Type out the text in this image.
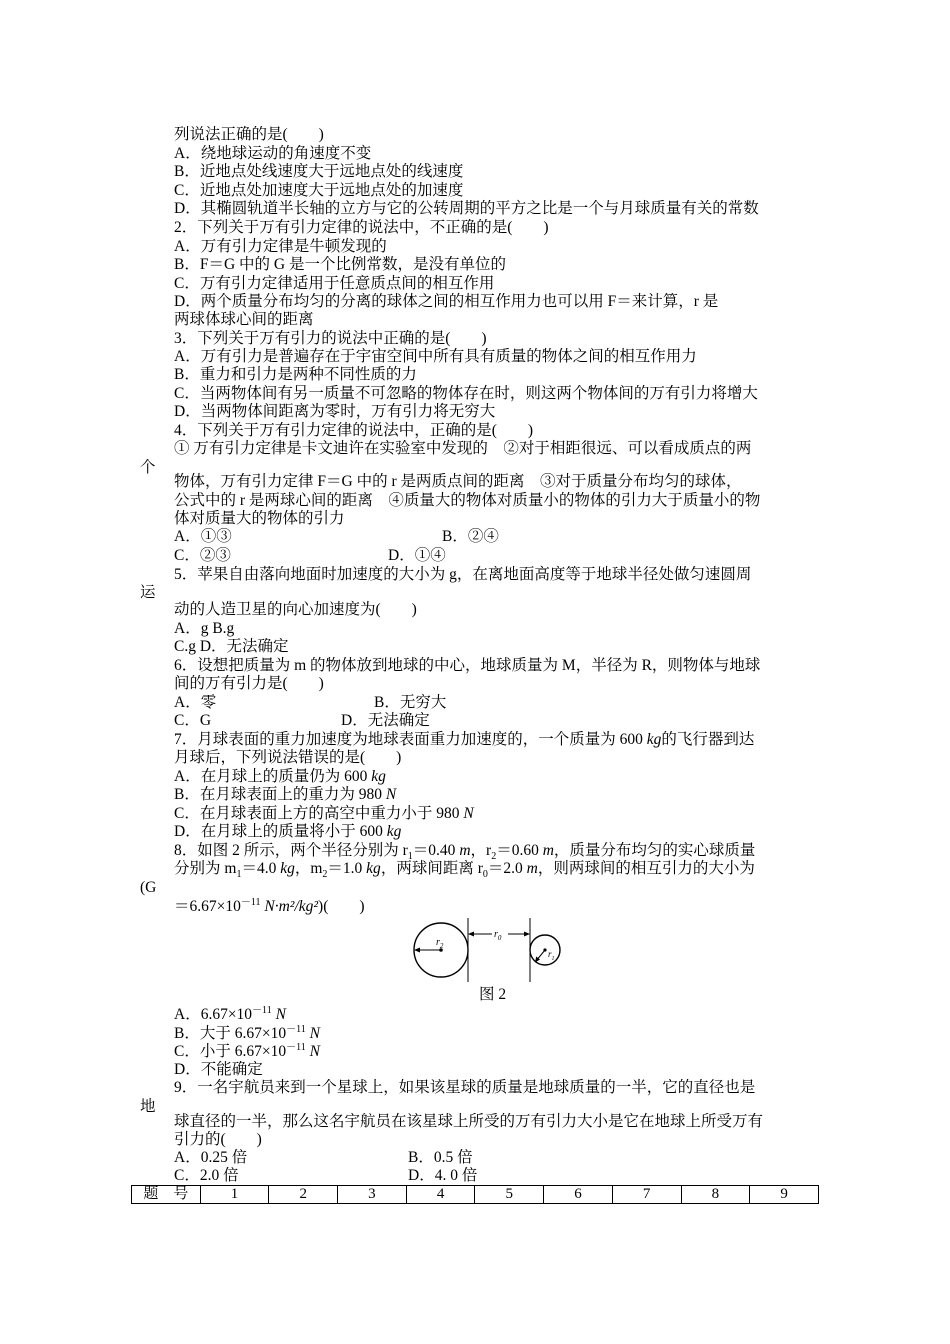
列说法正确的是(　　)
A．绕地球运动的角速度不变
B．近地点处线速度大于远地点处的线速度
C．近地点处加速度大于远地点处的加速度
D．其椭圆轨道半长轴的立方与它的公转周期的平方之比是一个与月球质量有关的常数
2．下列关于万有引力定律的说法中，不正确的是(　　)
A．万有引力定律是牛顿发现的
B．F＝G 中的 G 是一个比例常数，是没有单位的
C．万有引力定律适用于任意质点间的相互作用
D．两个质量分布均匀的分离的球体之间的相互作用力也可以用 F＝来计算，r 是
两球体球心间的距离
3．下列关于万有引力的说法中正确的是(　　)
A．万有引力是普遍存在于宇宙空间中所有具有质量的物体之间的相互作用力
B．重力和引力是两种不同性质的力
C．当两物体间有另一质量不可忽略的物体存在时，则这两个物体间的万有引力将增大
D．当两物体间距离为零时，万有引力将无穷大
4．下列关于万有引力定律的说法中，正确的是(　　)
① 万有引力定律是卡文迪许在实验室中发现的　②对于相距很远、可以看成质点的两
个
物体，万有引力定律 F＝G 中的 r 是两质点间的距离　③对于质量分布均匀的球体，
公式中的 r 是两球心间的距离　④质量大的物体对质量小的物体的引力大于质量小的物
体对质量大的物体的引力
A．①③	B．②④
C．②③	D．①④
5．苹果自由落向地面时加速度的大小为 g，在离地面高度等于地球半径处做匀速圆周
运
动的人造卫星的向心加速度为(　　)
A．g B.g
C.g D．无法确定
6．设想把质量为 m 的物体放到地球的中心，地球质量为 M，半径为 R，则物体与地球
间的万有引力是(　　)
A．零	B．无穷大
C．G	D．无法确定
7．月球表面的重力加速度为地球表面重力加速度的，一个质量为 600 kg的飞行器到达
月球后，下列说法错误的是(　　)
A．在月球上的质量仍为 600 kg
B．在月球表面上的重力为 980 N
C．在月球表面上方的高空中重力小于 980 N
D．在月球上的质量将小于 600 kg
8．如图 2 所示，两个半径分别为 $r_1=0.40$ m，$r_2=0.60$ m，质量分布均匀的实心球质量
分别为 $m_1=4.0$ kg，$m_2=1.0$ kg，两球间距离 $r_0=2.0$ m，则两球间的相互引力的大小为
(G
$=6.67\times 10^{-11}$ N·m²/kg²)(　　)
$r_2$
$r_0$
$r_1$
图 2
A．$6.67\times 10^{-11}$ N
B．大于 $6.67\times 10^{-11}$ N
C．小于 $6.67\times 10^{-11}$ N
D．不能确定
9．一名宇航员来到一个星球上，如果该星球的质量是地球质量的一半，它的直径也是
地
球直径的一半，那么这名宇航员在该星球上所受的万有引力大小是它在地球上所受万有
引力的(　　)
A．0.25 倍	B．0.5 倍
C．2.0 倍	D．4. 0 倍
题　号	1	2	3	4	5	6	7	8	9
